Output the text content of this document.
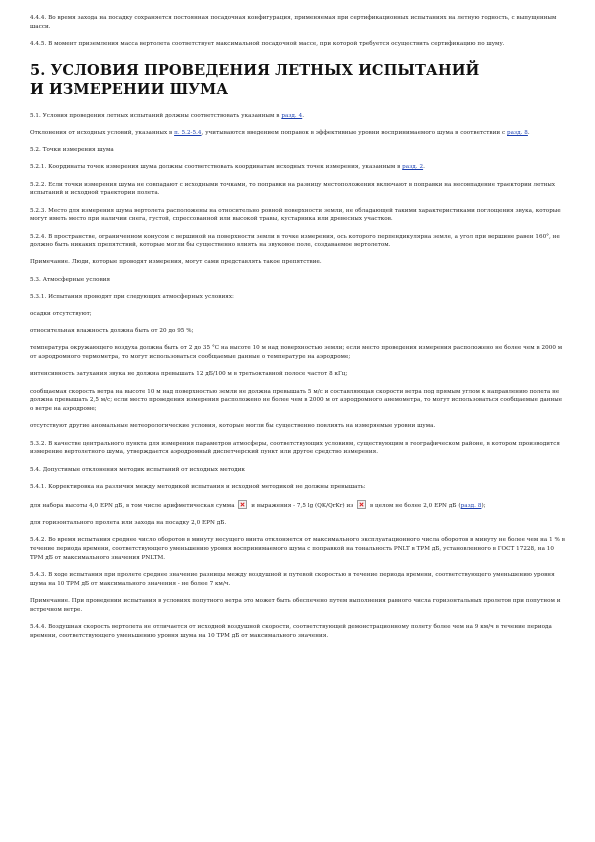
4.4.4. Во время захода на посадку сохраняется постоянная посадочная конфигурация, применяемая при сертификационных испытаниях на летную годность, с выпущенным шасси.

4.4.5. В момент приземления масса вертолета соответствует максимальной посадочной массе, при которой требуется осуществить сертификацию по шуму.

5. УСЛОВИЯ ПРОВЕДЕНИЯ ЛЕТНЫХ ИСПЫТАНИЙ
И ИЗМЕРЕНИИ ШУМА

5.1. Условия проведения летных испытаний должны соответствовать указанным в разд. 4.

Отклонения от исходных условий, указанных в п. 5.2-5.4, учитываются введением поправок в эффективные уровни воспринимаемого шума в соответствии с разд. 8.

5.2. Точки измерения шума

5.2.1. Координаты точек измерения шума должны соответствовать координатам исходных точек измерения, указанным в разд. 2.

5.2.2. Если точки измерения шума не совпадают с исходными точками, то поправки на разницу местоположения включают в поправки на несовпадение траектории летных испытаний и исходной траектории полета.

5.2.3. Место для измерения шума вертолета расположены на относительно ровной поверхности земли, не обладающей такими характеристиками поглощения звука, которые могут иметь место при наличии снега, густой, спрессованной или высокой травы, кустарника или древесных участков.

5.2.4. В пространстве, ограниченном конусом с вершиной на поверхности земли в точке измерения, ось которого перпендикулярна земле, а угол при вершине равен 160°, не должно быть никаких препятствий, которые могли бы существенно влиять на звуковое поле, создаваемое вертолетом.

Примечание. Люди, которые проводят измерения, могут сами представлять такое препятствие.

5.3. Атмосферные условия

5.3.1. Испытания проводят при следующих атмосферных условиях:

осадки отсутствуют;

относительная влажность должна быть от 20 до 95 %;

температура окружающего воздуха должна быть от 2 до 35 °С на высоте 10 м над поверхностью земли; если место проведения измерения расположено не более чем в 2000 м от аэродромного термометра, то могут использоваться сообщаемые данные о температуре на аэродроме;

интенсивность затухания звука не должна превышать 12 дБ/100 м в третьоктавной полосе частот 8 кГц;

сообщаемая скорость ветра на высоте 10 м над поверхностью земли не должна превышать 5 м/с и составляющая скорости ветра под прямым углом к направлению полета не должна превышать 2,5 м/с; если место проведения измерения расположено не более чем в 2000 м от аэродромного анемометра, то могут использоваться сообщаемые данные о ветре на аэродроме;

отсутствуют другие аномальные метеорологические условия, которые могли бы существенно повлиять на измеряемые уровни шума.

5.3.2. В качестве центрального пункта для измерения параметров атмосферы, соответствующих условиям, существующим в географическом районе, в котором производится измерение вертолетного шума, утверждается аэродромный диспетчерский пункт или другое средство измерения.

5.4. Допустимые отклонения методик испытаний от исходных методик

5.4.1. Корректировка на различия между методикой испытания и исходной методикой не должны превышать:

для набора высоты 4,0 EPN дБ, в том числе арифметическая сумма	и выражения - 7,5 lg (QK/QrKr) из	в целом не более 2,0 EPN дБ (разд. 8);

для горизонтального пролета или захода на посадку 2,0 EPN дБ.

5.4.2. Во время испытания среднее число оборотов в минуту несущего винта отклоняется от максимального эксплуатационного числа оборотов в минуту не более чем на 1 % в течение периода времени, соответствующего уменьшению уровня воспринимаемого шума с поправкой на тональность PNLT в ТРМ дБ, установленного в ГОСТ 17228, на 10 ТРМ дБ от максимального значения PNLTM.

5.4.3. В ходе испытания при пролете среднее значение разницы между воздушной и путевой скоростью в течение периода времени, соответствующего уменьшению уровня шума на 10 ТРМ дБ от максимального значения - не более 7 км/ч.

Примечание. При проведении испытания в условиях попутного ветра это может быть обеспечено путем выполнения равного числа горизонтальных пролетов при попутном и встречном ветре.

5.4.4. Воздушная скорость вертолета не отличается от исходной воздушной скорости, соответствующей демонстрационному полету более чем на 9 км/ч в течение периода времени, соответствующего уменьшению уровня шума на 10 ТРМ дБ от максимального значения.
